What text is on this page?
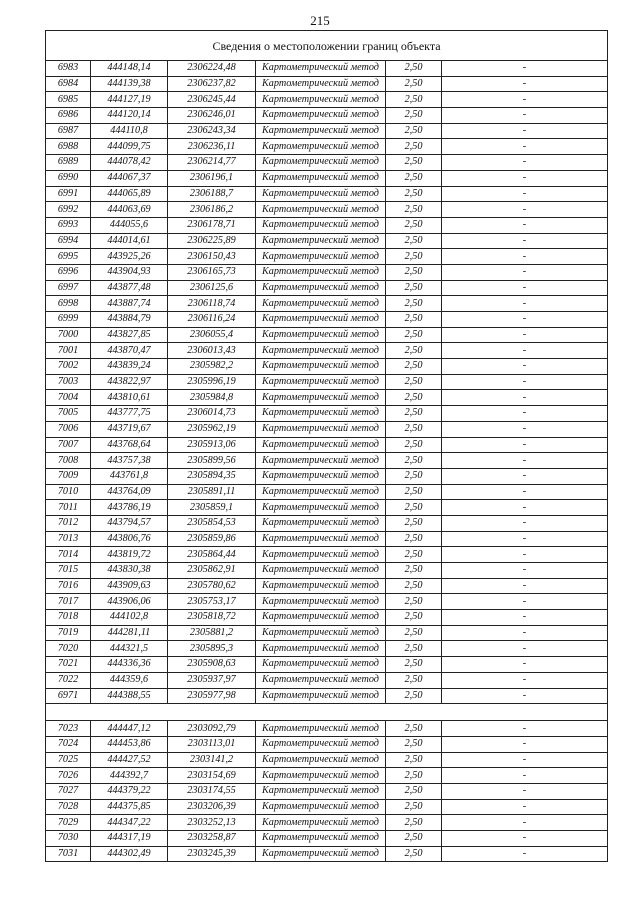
215
Сведения о местоположении границ объекта					
6983	444148,14	2306224,48	Картометрический метод	2,50	-
6984	444139,38	2306237,82	Картометрический метод	2,50	-
6985	444127,19	2306245,44	Картометрический метод	2,50	-
6986	444120,14	2306246,01	Картометрический метод	2,50	-
6987	444110,8	2306243,34	Картометрический метод	2,50	-
6988	444099,75	2306236,11	Картометрический метод	2,50	-
6989	444078,42	2306214,77	Картометрический метод	2,50	-
6990	444067,37	2306196,1	Картометрический метод	2,50	-
6991	444065,89	2306188,7	Картометрический метод	2,50	-
6992	444063,69	2306186,2	Картометрический метод	2,50	-
6993	444055,6	2306178,71	Картометрический метод	2,50	-
6994	444014,61	2306225,89	Картометрический метод	2,50	-
6995	443925,26	2306150,43	Картометрический метод	2,50	-
6996	443904,93	2306165,73	Картометрический метод	2,50	-
6997	443877,48	2306125,6	Картометрический метод	2,50	-
6998	443887,74	2306118,74	Картометрический метод	2,50	-
6999	443884,79	2306116,24	Картометрический метод	2,50	-
7000	443827,85	2306055,4	Картометрический метод	2,50	-
7001	443870,47	2306013,43	Картометрический метод	2,50	-
7002	443839,24	2305982,2	Картометрический метод	2,50	-
7003	443822,97	2305996,19	Картометрический метод	2,50	-
7004	443810,61	2305984,8	Картометрический метод	2,50	-
7005	443777,75	2306014,73	Картометрический метод	2,50	-
7006	443719,67	2305962,19	Картометрический метод	2,50	-
7007	443768,64	2305913,06	Картометрический метод	2,50	-
7008	443757,38	2305899,56	Картометрический метод	2,50	-
7009	443761,8	2305894,35	Картометрический метод	2,50	-
7010	443764,09	2305891,11	Картометрический метод	2,50	-
7011	443786,19	2305859,1	Картометрический метод	2,50	-
7012	443794,57	2305854,53	Картометрический метод	2,50	-
7013	443806,76	2305859,86	Картометрический метод	2,50	-
7014	443819,72	2305864,44	Картометрический метод	2,50	-
7015	443830,38	2305862,91	Картометрический метод	2,50	-
7016	443909,63	2305780,62	Картометрический метод	2,50	-
7017	443906,06	2305753,17	Картометрический метод	2,50	-
7018	444102,8	2305818,72	Картометрический метод	2,50	-
7019	444281,11	2305881,2	Картометрический метод	2,50	-
7020	444321,5	2305895,3	Картометрический метод	2,50	-
7021	444336,36	2305908,63	Картометрический метод	2,50	-
7022	444359,6	2305937,97	Картометрический метод	2,50	-
6971	444388,55	2305977,98	Картометрический метод	2,50	-

7023	444447,12	2303092,79	Картометрический метод	2,50	-
7024	444453,86	2303113,01	Картометрический метод	2,50	-
7025	444427,52	2303141,2	Картометрический метод	2,50	-
7026	444392,7	2303154,69	Картометрический метод	2,50	-
7027	444379,22	2303174,55	Картометрический метод	2,50	-
7028	444375,85	2303206,39	Картометрический метод	2,50	-
7029	444347,22	2303252,13	Картометрический метод	2,50	-
7030	444317,19	2303258,87	Картометрический метод	2,50	-
7031	444302,49	2303245,39	Картометрический метод	2,50	-
